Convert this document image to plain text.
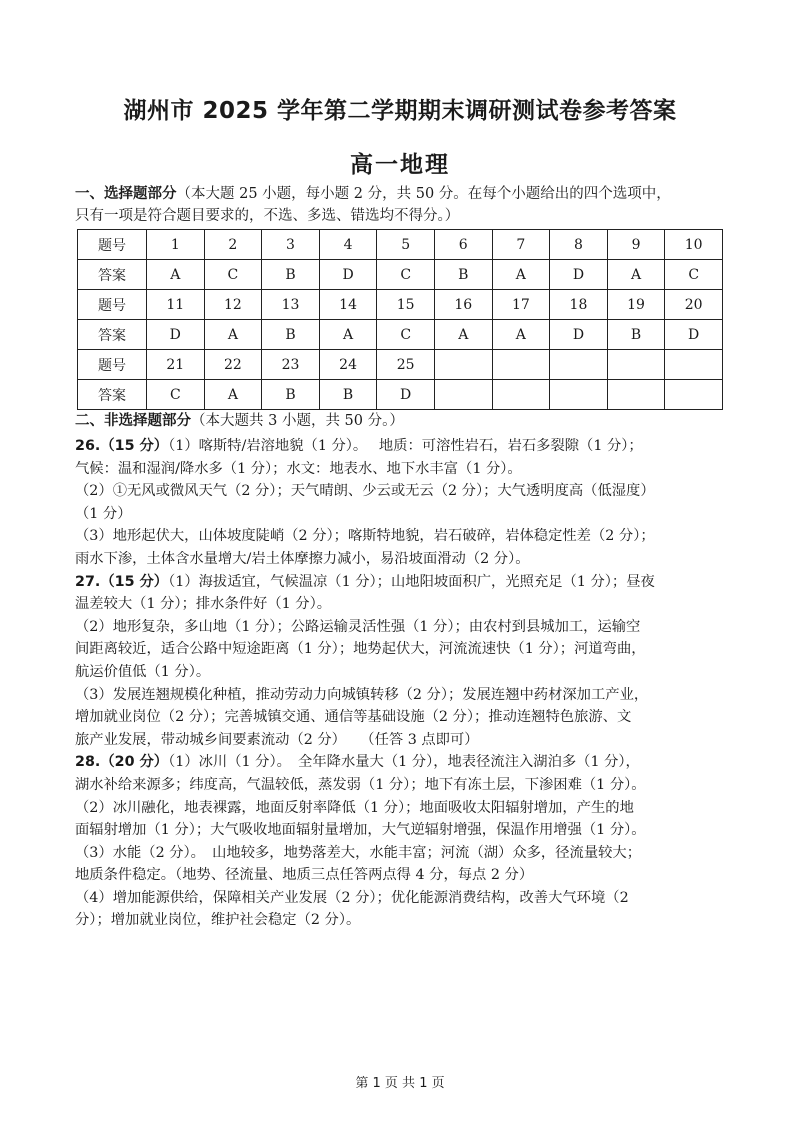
湖州市 2025 学年第二学期期末调研测试卷参考答案
高一地理
一、选择题部分（本大题 25 小题，每小题 2 分，共 50 分。在每个小题给出的四个选项中，
只有一项是符合题目要求的，不选、多选、错选均不得分。）
题号	1	2	3	4	5	6	7	8	9	10
答案	A	C	B	D	C	B	A	D	A	C
题号	11	12	13	14	15	16	17	18	19	20
答案	D	A	B	A	C	A	A	D	B	D
题号	21	22	23	24	25					
答案	C	A	B	B	D					
二、非选择题部分（本大题共 3 小题，共 50 分。）

26.（15 分）（1）喀斯特/岩溶地貌（1 分）。　 地质：可溶性岩石，岩石多裂隙（1 分）；

气候：温和湿润/降水多（1 分）；水文：地表水、地下水丰富（1 分）。

（2）①无风或微风天气（2 分）；天气晴朗、少云或无云（2 分）；大气透明度高（低湿度）

（1 分）

（3）地形起伏大，山体坡度陡峭（2 分）；喀斯特地貌，岩石破碎，岩体稳定性差（2 分）；

雨水下渗，土体含水量增大/岩土体摩擦力减小，易沿坡面滑动（2 分）。

27.（15 分）（1）海拔适宜，气候温凉（1 分）；山地阳坡面积广，光照充足（1 分）；昼夜

温差较大（1 分）；排水条件好（1 分）。

（2）地形复杂，多山地（1 分）；公路运输灵活性强（1 分）；由农村到县城加工，运输空

间距离较近，适合公路中短途距离（1 分）；地势起伏大，河流流速快（1 分）；河道弯曲，

航运价值低（1 分）。

（3）发展连翘规模化种植，推动劳动力向城镇转移（2 分）；发展连翘中药材深加工产业，

增加就业岗位（2 分）；完善城镇交通、通信等基础设施（2 分）；推动连翘特色旅游、文

旅产业发展，带动城乡间要素流动（2 分）　　（任答 3 点即可）

28.（20 分）（1）冰川（1 分）。　全年降水量大（1 分），地表径流注入湖泊多（1 分），

湖水补给来源多；纬度高，气温较低，蒸发弱（1 分）；地下有冻土层，下渗困难（1 分）。

（2）冰川融化，地表裸露，地面反射率降低（1 分）；地面吸收太阳辐射增加，产生的地

面辐射增加（1 分）；大气吸收地面辐射量增加，大气逆辐射增强，保温作用增强（1 分）。

（3）水能（2 分）。　山地较多，地势落差大，水能丰富；河流（湖）众多，径流量较大；

地质条件稳定。（地势、径流量、地质三点任答两点得 4 分，每点 2 分）

（4）增加能源供给，保障相关产业发展（2 分）；优化能源消费结构，改善大气环境（2

分）；增加就业岗位，维护社会稳定（2 分）。

第 1 页 共 1 页
